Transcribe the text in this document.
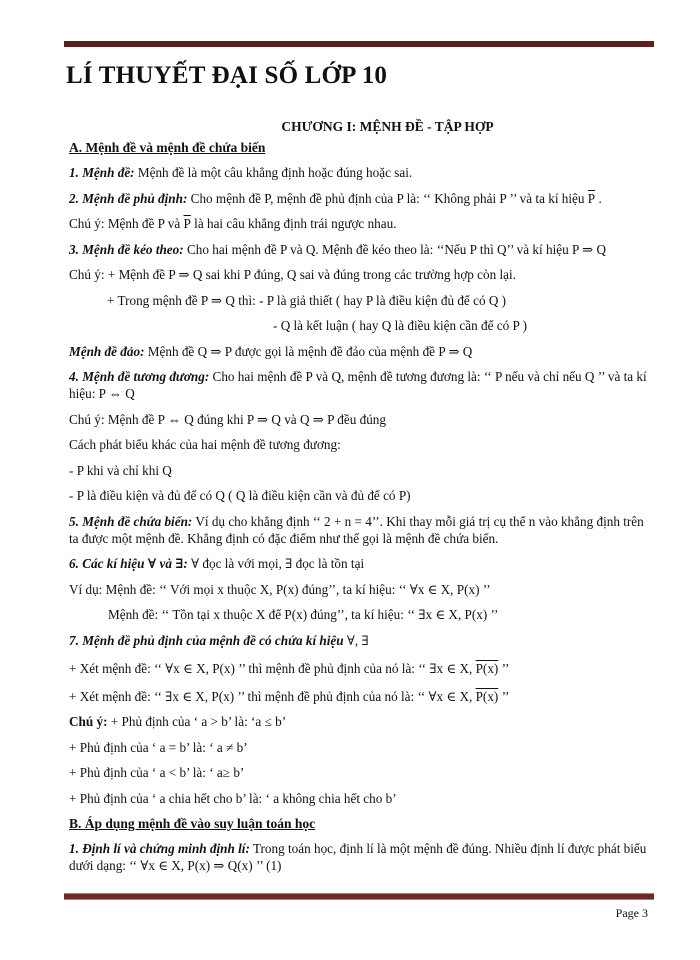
LÍ THUYẾT ĐẠI SỐ LỚP 10
CHƯƠNG I: MỆNH ĐỀ - TẬP HỢP
A. Mệnh đề và mệnh đề chứa biến

1. Mệnh đề: Mệnh đề là một câu khẳng định hoặc đúng hoặc sai.

2. Mệnh đề phủ định: Cho mệnh đề P, mệnh đề phủ định của P là: ‘‘ Không phải P ’’ và ta kí hiệu $\overline{P}$ .

Chú ý: Mệnh đề P và $\overline{P}$ là hai câu khẳng định trái ngược nhau.

3. Mệnh đề kéo theo: Cho hai mệnh đề P và Q. Mệnh đề kéo theo là: ‘‘Nếu P thì Q’’ và kí hiệu P ⇒ Q

Chú ý: + Mệnh đề P ⇒ Q sai khi P đúng, Q sai và đúng trong các trường hợp còn lại.

+ Trong mệnh đề P ⇒ Q thì: - P là giả thiết ( hay P là điều kiện đủ để có Q )

- Q là kết luận ( hay Q là điều kiện cần để có P )

Mệnh đề đảo: Mệnh đề Q ⇒ P được gọi là mệnh đề đảo của mệnh đề P ⇒ Q

4. Mệnh đề tương đương: Cho hai mệnh đề P và Q, mệnh đề tương đương là: ‘‘ P nếu và chỉ nếu Q ’’ và ta kí hiệu: P ⇔ Q

Chú ý: Mệnh đề P ⇔ Q đúng khi P ⇒ Q và Q ⇒ P đều đúng

Cách phát biểu khác của hai mệnh đề tương đương:

- P khi và chỉ khi Q

- P là điều kiện và đủ để có Q ( Q là điều kiện cần và đủ để có P)

5. Mệnh đề chứa biến: Ví dụ cho khẳng định ‘‘ 2 + n = 4’’. Khi thay mỗi giá trị cụ thể n vào khẳng định trên ta được một mệnh đề. Khẳng định có đặc điểm như thế gọi là mệnh đề chứa biến.

6. Các kí hiệu ∀ và ∃: ∀ đọc là với mọi, ∃ đọc là tồn tại

Ví dụ: Mệnh đề: ‘‘ Với mọi x thuộc X, P(x) đúng’’, ta kí hiệu: ‘‘ ∀x ∈ X, P(x) ’’

Mệnh đề: ‘‘ Tồn tại x thuộc X để P(x) đúng’’, ta kí hiệu: ‘‘ ∃x ∈ X, P(x) ’’

7. Mệnh đề phủ định của mệnh đề có chứa kí hiệu ∀, ∃

+ Xét mệnh đề: ‘‘ ∀x ∈ X, P(x) ’’ thì mệnh đề phủ định của nó là: ‘‘ ∃x ∈ X, P(x) ’’

+ Xét mệnh đề: ‘‘ ∃x ∈ X, P(x) ’’ thì mệnh đề phủ định của nó là: ‘‘ ∀x ∈ X, P(x) ’’

Chú ý: + Phủ định của ‘ a > b’ là: ‘a ≤ b’

+ Phủ định của ‘ a = b’ là: ‘ a ≠ b’

+ Phủ định của ‘ a < b’ là: ‘ a≥ b’

+ Phủ định của ‘ a chia hết cho b’ là: ‘ a không chia hết cho b’

B. Áp dụng mệnh đề vào suy luận toán học

1. Định lí và chứng minh định lí: Trong toán học, định lí là một mệnh đề đúng. Nhiều định lí được phát biểu dưới dạng: ‘‘ ∀x ∈ X, P(x) ⇒ Q(x) ’’ (1)

Page 3
